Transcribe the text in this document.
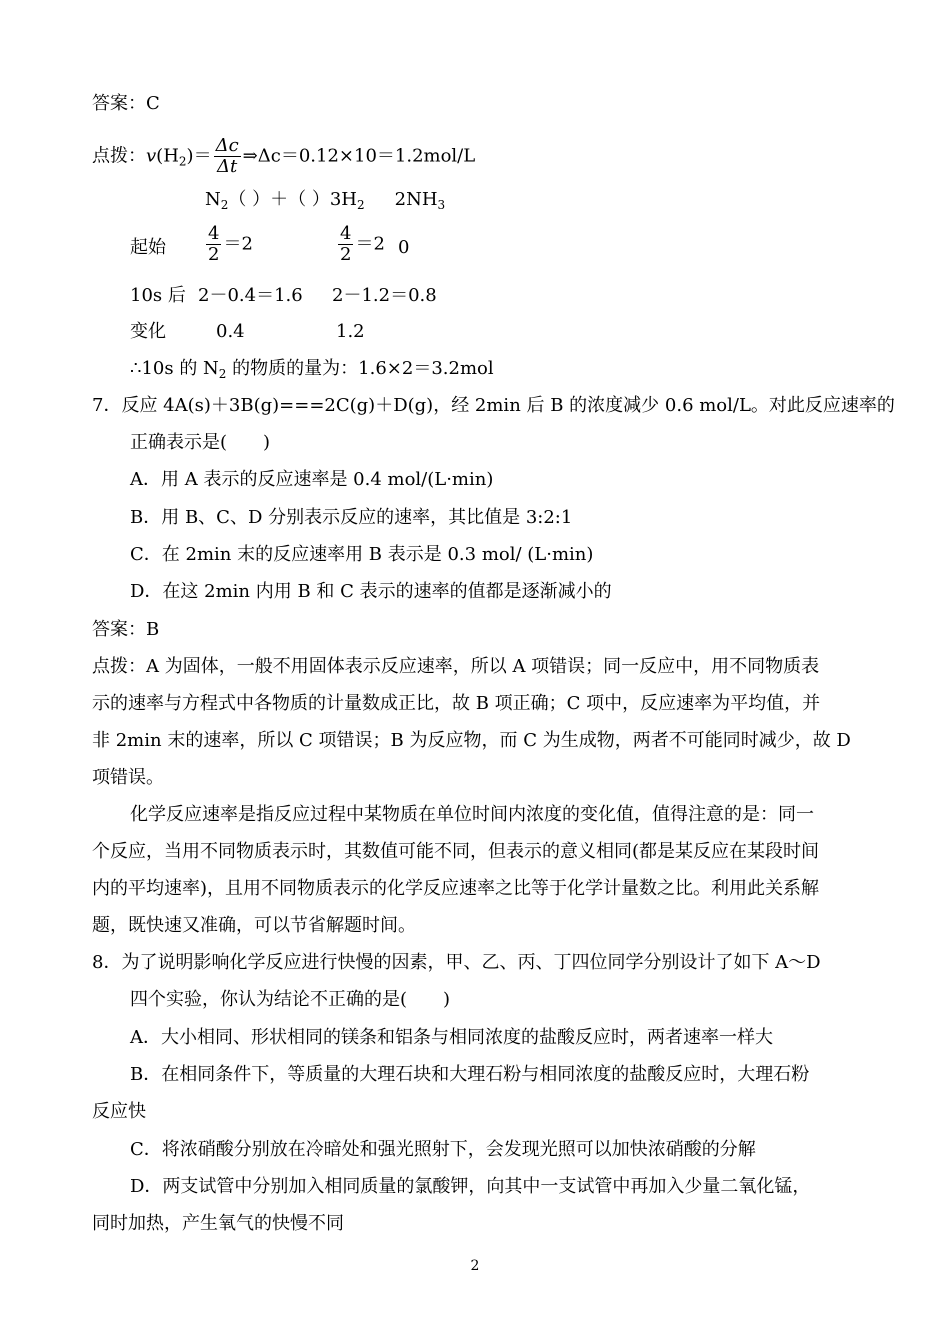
答案：C
点拨：$v(H_2)= \frac{\Delta c}{\Delta t}$ ⇒Δc＝0.12×10＝1.2mol/L
$N_2$（ ）＋（ ）$3H_2$ $2NH_3$
起始 $\frac{4}{2} =2$	$\frac{4}{2} =2$ 0
10s 后 2－0.4＝1.6 2－1.2＝0.8
变化	0.4	1.2
∴10s 的 $N_2$ 的物质的量为：1.6×2＝3.2mol
7．反应 4A(s)＋3B(g)===2C(g)＋D(g)，经 2min 后 B 的浓度减少 0.6 mol/L。对此反应速率的
正确表示是(　　)
A．用 A 表示的反应速率是 0.4 mol/(L·min)
B．用 B、C、D 分别表示反应的速率，其比值是 3:2:1
C．在 2min 末的反应速率用 B 表示是 0.3 mol/ (L·min)
D．在这 2min 内用 B 和 C 表示的速率的值都是逐渐减小的
答案：B
点拨：A 为固体，一般不用固体表示反应速率，所以 A 项错误；同一反应中，用不同物质表
示的速率与方程式中各物质的计量数成正比，故 B 项正确；C 项中，反应速率为平均值，并
非 2min 末的速率，所以 C 项错误；B 为反应物，而 C 为生成物，两者不可能同时减少，故 D
项错误。
化学反应速率是指反应过程中某物质在单位时间内浓度的变化值，值得注意的是：同一
个反应，当用不同物质表示时，其数值可能不同，但表示的意义相同(都是某反应在某段时间
内的平均速率)，且用不同物质表示的化学反应速率之比等于化学计量数之比。利用此关系解
题，既快速又准确，可以节省解题时间。
8．为了说明影响化学反应进行快慢的因素，甲、乙、丙、丁四位同学分别设计了如下 A～D
四个实验，你认为结论不正确的是(　　)
A．大小相同、形状相同的镁条和铝条与相同浓度的盐酸反应时，两者速率一样大
B．在相同条件下，等质量的大理石块和大理石粉与相同浓度的盐酸反应时，大理石粉
反应快
C．将浓硝酸分别放在冷暗处和强光照射下，会发现光照可以加快浓硝酸的分解
D．两支试管中分别加入相同质量的氯酸钾，向其中一支试管中再加入少量二氧化锰，
同时加热，产生氧气的快慢不同
2
